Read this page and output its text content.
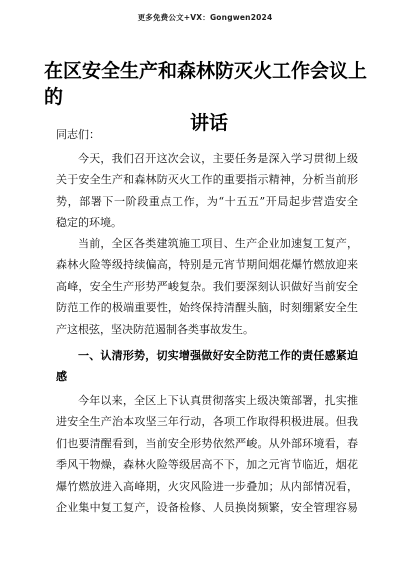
更多免费公文+VX：Gongwen2024
在区安全生产和森林防灭火工作会议上的
讲话
同志们：
今天，我们召开这次会议，主要任务是深入学习贯彻上级
关于安全生产和森林防灭火工作的重要指示精神，分析当前形
势，部署下一阶段重点工作，为“十五五”开局起步营造安全
稳定的环境。
当前，全区各类建筑施工项目、生产企业加速复工复产，
森林火险等级持续偏高，特别是元宵节期间烟花爆竹燃放迎来
高峰，安全生产形势严峻复杂。我们要深刻认识做好当前安全
防范工作的极端重要性，始终保持清醒头脑，时刻绷紧安全生
产这根弦，坚决防范遏制各类事故发生。
一、认清形势，切实增强做好安全防范工作的责任感紧迫
感
今年以来，全区上下认真贯彻落实上级决策部署，扎实推
进安全生产治本攻坚三年行动，各项工作取得积极进展。但我
们也要清醒看到，当前安全形势依然严峻。从外部环境看，春
季风干物燥，森林火险等级居高不下，加之元宵节临近，烟花
爆竹燃放进入高峰期，火灾风险进一步叠加；从内部情况看，
企业集中复工复产，设备检修、人员换岗频繁，安全管理容易
